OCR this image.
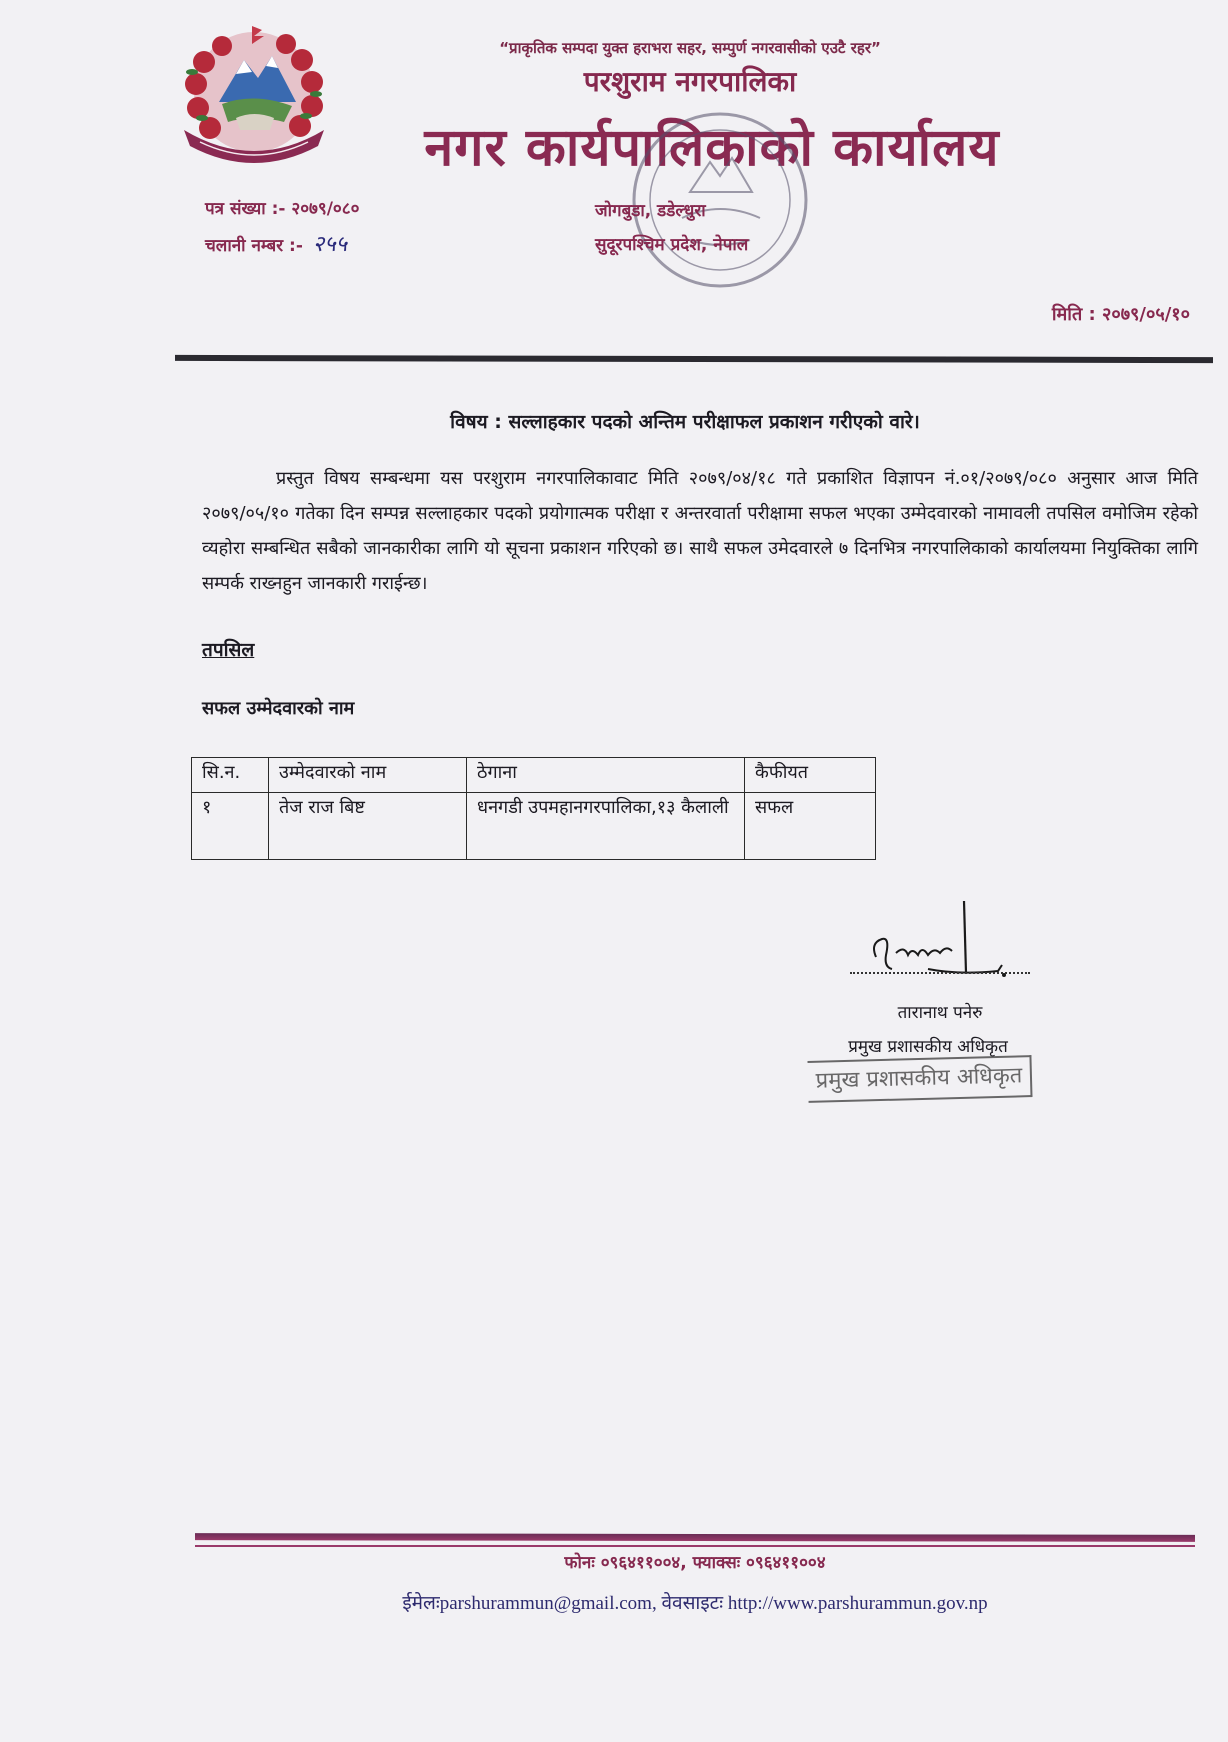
“प्राकृतिक सम्पदा युक्त हराभरा सहर, सम्पुर्ण नगरवासीको एउटै रहर”
परशुराम नगरपालिका
नगर कार्यपालिकाको कार्यालय
पत्र संख्या :- २०७९/०८०
चलानी नम्बर :- २५५
जोगबुडा, डडेल्धुरा
सुदूरपश्चिम प्रदेश, नेपाल
मिति : २०७९/०५/१०
विषय : सल्लाहकार पदको अन्तिम परीक्षाफल प्रकाशन गरीएको वारे।
प्रस्तुत विषय सम्बन्धमा यस परशुराम नगरपालिकावाट मिति २०७९/०४/१८ गते प्रकाशित विज्ञापन नं.०१/२०७९/०८० अनुसार आज मिति २०७९/०५/१० गतेका दिन सम्पन्न सल्लाहकार पदको प्रयोगात्मक परीक्षा र अन्तरवार्ता परीक्षामा सफल भएका उम्मेदवारको नामावली तपसिल वमोजिम रहेको व्यहोरा सम्बन्धित सबैको जानकारीका लागि यो सूचना प्रकाशन गरिएको छ। साथै सफल उमेदवारले ७ दिनभित्र नगरपालिकाको कार्यालयमा नियुक्तिका लागि सम्पर्क राख्नहुन जानकारी गराईन्छ।
तपसिल
सफल उम्मेदवारको नाम
सि.न.	उम्मेदवारको नाम	ठेगाना	कैफीयत
१	तेज राज बिष्ट	धनगडी उपमहानगरपालिका,१३ कैलाली	सफल
तारानाथ पनेरु
प्रमुख प्रशासकीय अधिकृत
प्रमुख प्रशासकीय अधिकृत
फोनः ०९६४११००४, फ्याक्सः ०९६४११००४
ईमेलःparshurammun@gmail.com, वेवसाइटः http://www.parshurammun.gov.np
